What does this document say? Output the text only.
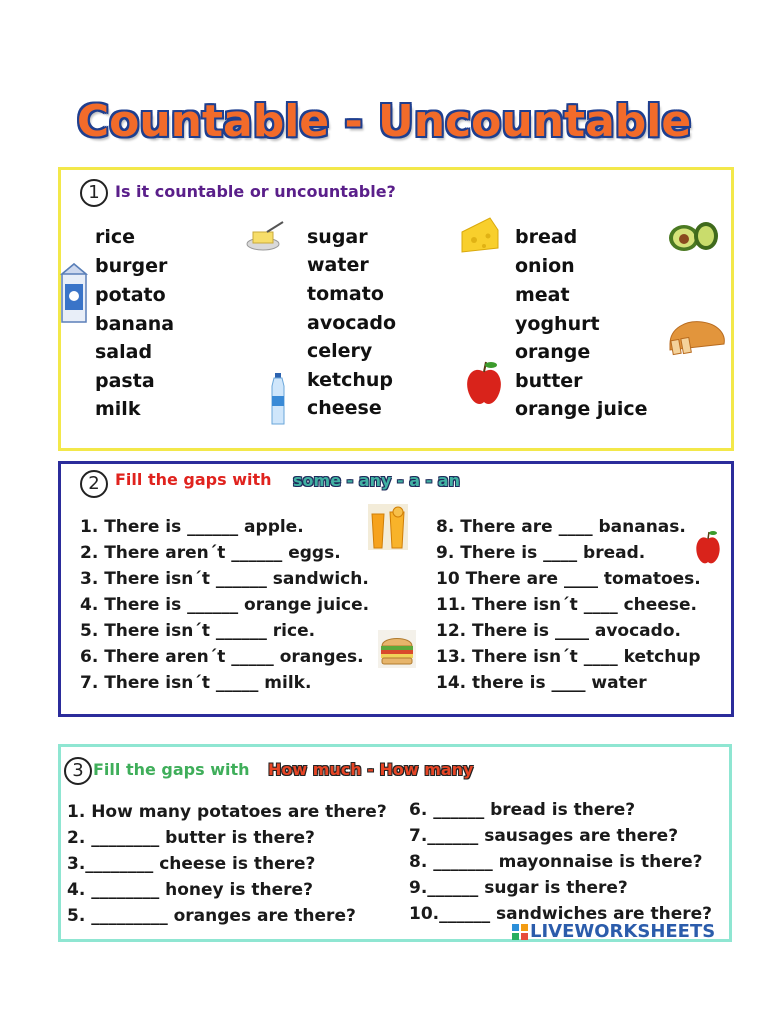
Countable - Uncountable
1 Is it countable or uncountable?
rice
burger
potato
banana
salad
pasta
milk
sugar
water
tomato
avocado
celery
ketchup
cheese
bread
onion
meat
yoghurt
orange
butter
orange juice
2 Fill the gaps with some - any - a - an
1. There is ______ apple.
2. There aren´t ______ eggs.
3. There isn´t ______ sandwich.
4. There is ______ orange juice.
5. There isn´t ______ rice.
6. There aren´t _____ oranges.
7. There isn´t _____ milk.
8. There are ____ bananas.
9. There is ____ bread.
10 There are ____ tomatoes.
11. There isn´t ____ cheese.
12. There is ____ avocado.
13. There isn´t ____ ketchup
14. there is ____ water
3 Fill the gaps with How much - How many
1. How many potatoes are there?
2. ________ butter is there?
3.________ cheese is there?
4. ________ honey is there?
5. _________ oranges are there?
6. ______ bread is there?
7.______ sausages are there?
8. _______ mayonnaise is there?
9.______ sugar is there?
10.______ sandwiches are there?
LIVEWORKSHEETS
